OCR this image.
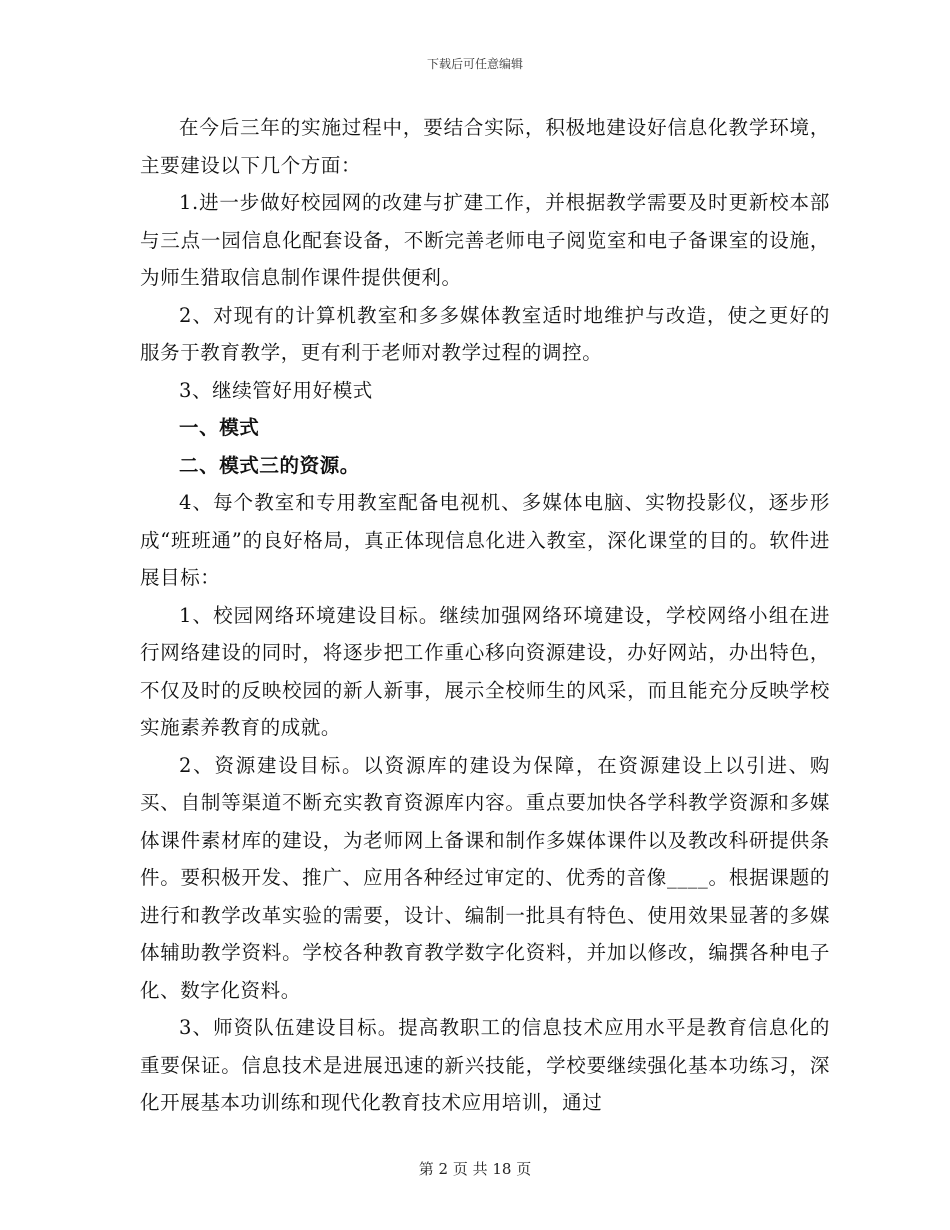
下载后可任意编辑

在今后三年的实施过程中，要结合实际，积极地建设好信息化教学环境，主要建设以下几个方面：

1.进一步做好校园网的改建与扩建工作，并根据教学需要及时更新校本部与三点一园信息化配套设备，不断完善老师电子阅览室和电子备课室的设施，为师生猎取信息制作课件提供便利。

2、对现有的计算机教室和多多媒体教室适时地维护与改造，使之更好的服务于教育教学，更有利于老师对教学过程的调控。

3、继续管好用好模式

一、模式

二、模式三的资源。

4、每个教室和专用教室配备电视机、多媒体电脑、实物投影仪，逐步形成“班班通”的良好格局，真正体现信息化进入教室，深化课堂的目的。软件进展目标：

1、校园网络环境建设目标。继续加强网络环境建设，学校网络小组在进行网络建设的同时，将逐步把工作重心移向资源建设，办好网站，办出特色，不仅及时的反映校园的新人新事，展示全校师生的风采，而且能充分反映学校实施素养教育的成就。

2、资源建设目标。以资源库的建设为保障，在资源建设上以引进、购买、自制等渠道不断充实教育资源库内容。重点要加快各学科教学资源和多媒体课件素材库的建设，为老师网上备课和制作多媒体课件以及教改科研提供条件。要积极开发、推广、应用各种经过审定的、优秀的音像____。根据课题的进行和教学改革实验的需要，设计、编制一批具有特色、使用效果显著的多媒体辅助教学资料。学校各种教育教学数字化资料，并加以修改，编撰各种电子化、数字化资料。

3、师资队伍建设目标。提高教职工的信息技术应用水平是教育信息化的重要保证。信息技术是进展迅速的新兴技能，学校要继续强化基本功练习，深化开展基本功训练和现代化教育技术应用培训，通过

第 2 页 共 18 页
